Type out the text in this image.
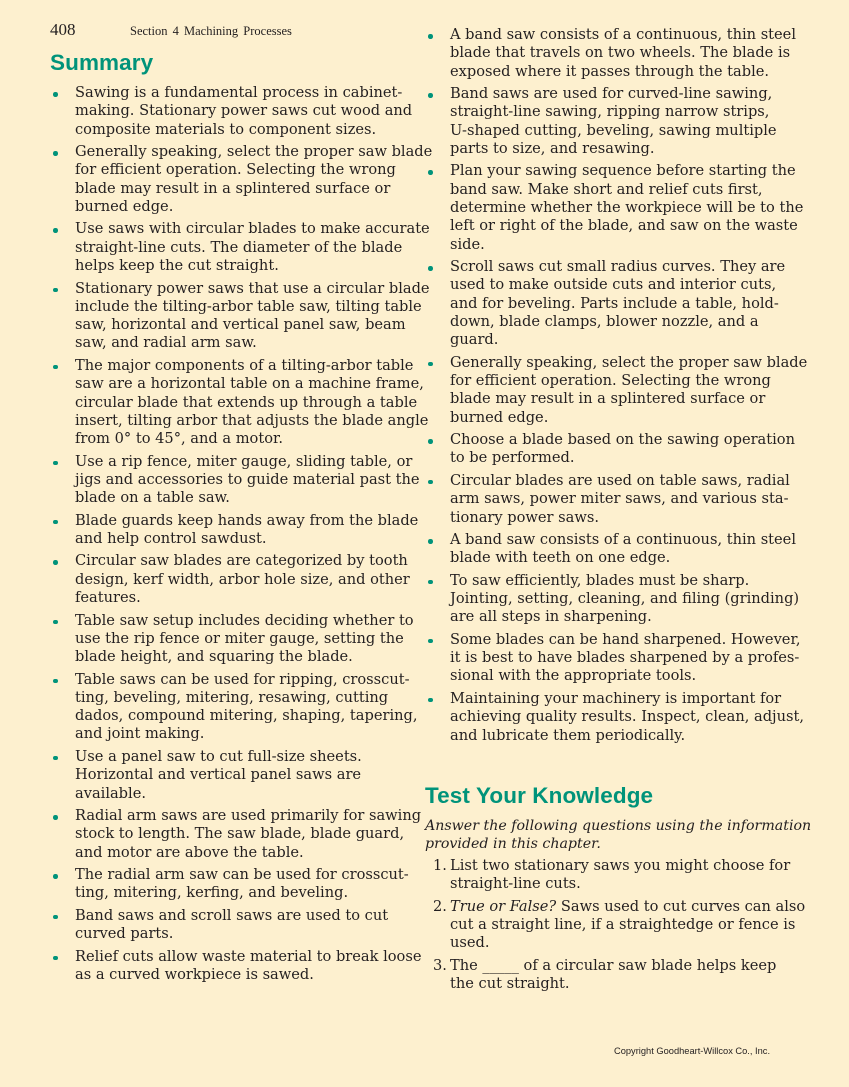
408	Section 4 Machining Processes
Summary
Sawing is a fundamental process in cabinet-
making. Stationary power saws cut wood and
composite materials to component sizes.
Generally speaking, select the proper saw blade
for efficient operation. Selecting the wrong
blade may result in a splintered surface or
burned edge.
Use saws with circular blades to make accurate
straight-line cuts. The diameter of the blade
helps keep the cut straight.
Stationary power saws that use a circular blade
include the tilting-arbor table saw, tilting table
saw, horizontal and vertical panel saw, beam
saw, and radial arm saw.
The major components of a tilting-arbor table
saw are a horizontal table on a machine frame,
circular blade that extends up through a table
insert, tilting arbor that adjusts the blade angle
from 0° to 45°, and a motor.
Use a rip fence, miter gauge, sliding table, or
jigs and accessories to guide material past the
blade on a table saw.
Blade guards keep hands away from the blade
and help control sawdust.
Circular saw blades are categorized by tooth
design, kerf width, arbor hole size, and other
features.
Table saw setup includes deciding whether to
use the rip fence or miter gauge, setting the
blade height, and squaring the blade.
Table saws can be used for ripping, crosscut-
ting, beveling, mitering, resawing, cutting
dados, compound mitering, shaping, tapering,
and joint making.
Use a panel saw to cut full-size sheets.
Horizontal and vertical panel saws are
available.
Radial arm saws are used primarily for sawing
stock to length. The saw blade, blade guard,
and motor are above the table.
The radial arm saw can be used for crosscut-
ting, mitering, kerfing, and beveling.
Band saws and scroll saws are used to cut
curved parts.
Relief cuts allow waste material to break loose
as a curved workpiece is sawed.
A band saw consists of a continuous, thin steel
blade that travels on two wheels. The blade is
exposed where it passes through the table.
Band saws are used for curved-line sawing,
straight-line sawing, ripping narrow strips,
U-shaped cutting, beveling, sawing multiple
parts to size, and resawing.
Plan your sawing sequence before starting the
band saw. Make short and relief cuts first,
determine whether the workpiece will be to the
left or right of the blade, and saw on the waste
side.
Scroll saws cut small radius curves. They are
used to make outside cuts and interior cuts,
and for beveling. Parts include a table, hold-
down, blade clamps, blower nozzle, and a
guard.
Generally speaking, select the proper saw blade
for efficient operation. Selecting the wrong
blade may result in a splintered surface or
burned edge.
Choose a blade based on the sawing operation
to be performed.
Circular blades are used on table saws, radial
arm saws, power miter saws, and various sta-
tionary power saws.
A band saw consists of a continuous, thin steel
blade with teeth on one edge.
To saw efficiently, blades must be sharp.
Jointing, setting, cleaning, and filing (grinding)
are all steps in sharpening.
Some blades can be hand sharpened. However,
it is best to have blades sharpened by a profes-
sional with the appropriate tools.
Maintaining your machinery is important for
achieving quality results. Inspect, clean, adjust,
and lubricate them periodically.
Test Your Knowledge
Answer the following questions using the information
provided in this chapter.
1. List two stationary saws you might choose for
straight-line cuts.
2. True or False? Saws used to cut curves can also
cut a straight line, if a straightedge or fence is
used.
3. The _____ of a circular saw blade helps keep
the cut straight.
Copyright Goodheart-Willcox Co., Inc.
